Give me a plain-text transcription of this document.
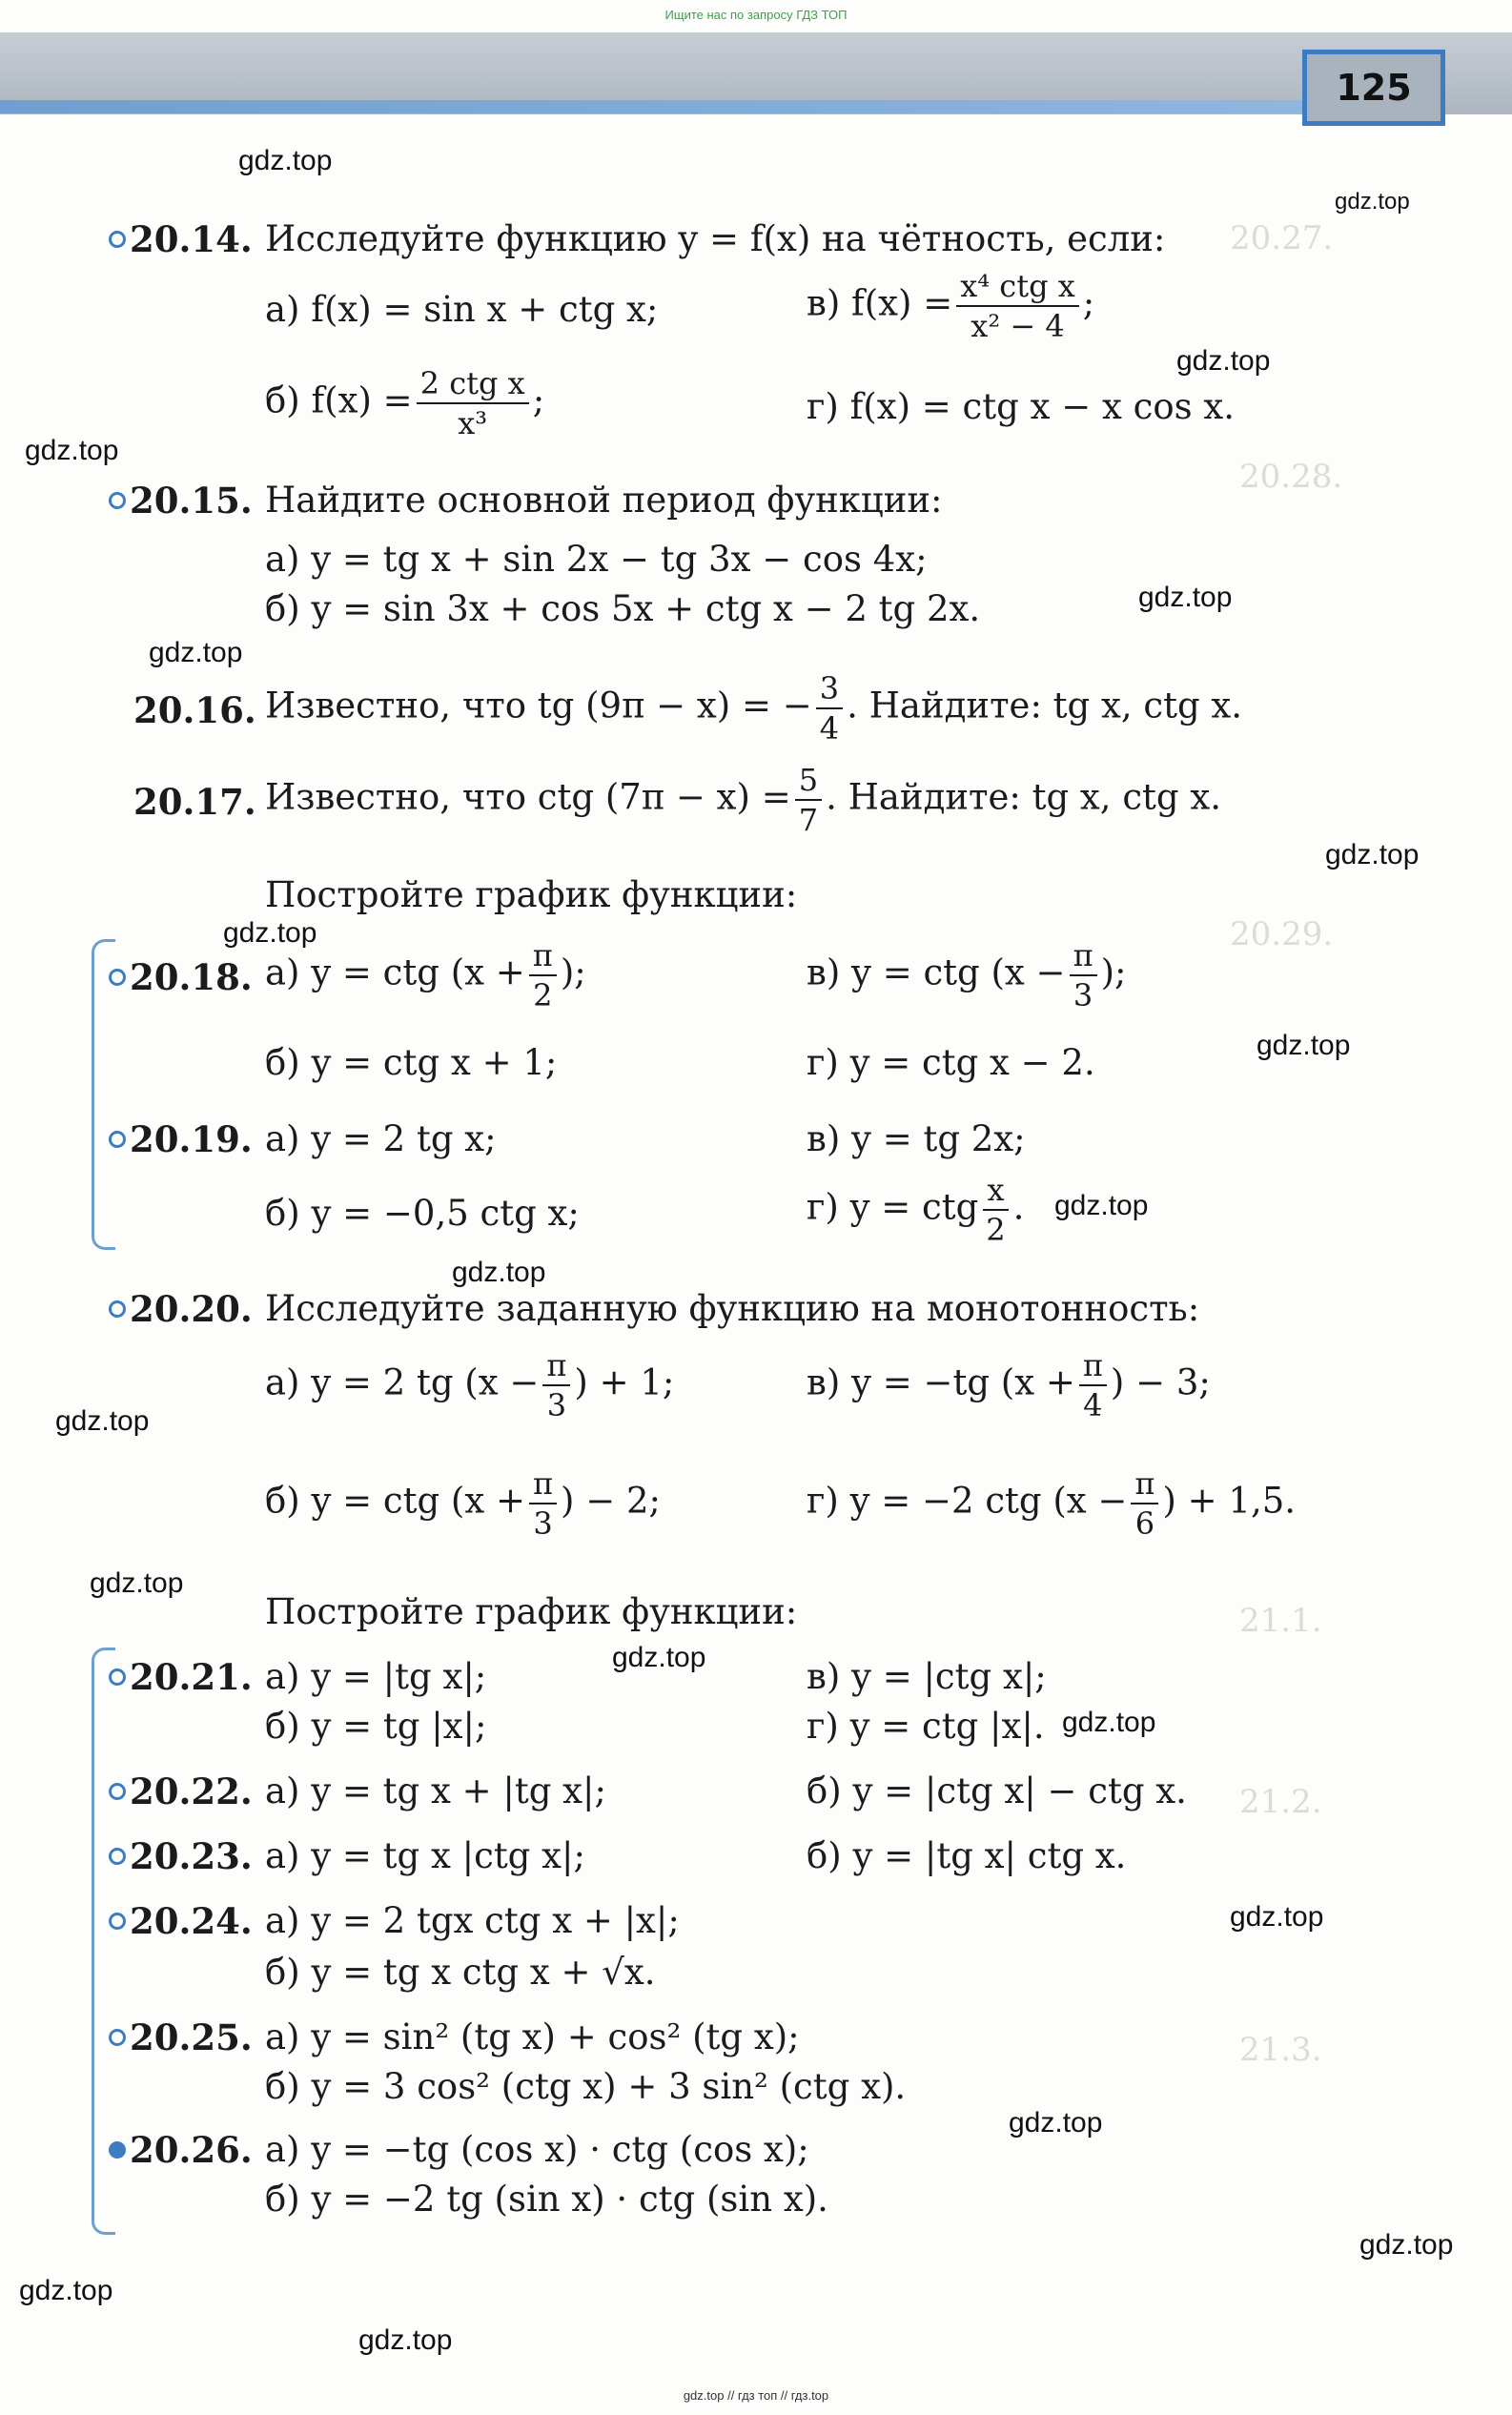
Ищите нас по запросу ГДЗ ТОП
125
20.27.
20.28.
20.29.
21.1.
21.2.
21.3.
gdz.top
gdz.top
gdz.top
gdz.top
gdz.top
gdz.top
gdz.top
gdz.top
gdz.top
gdz.top
gdz.top
gdz.top
gdz.top
gdz.top
gdz.top
gdz.top
gdz.top
gdz.top
gdz.top
gdz.top
20.14. Исследуйте функцию y = f(x) на чётность, если:
а) f(x) = sin x + ctg x;	в) $f(x) = \frac{\text{x⁴ ctg x}}{\text{x² − 4}}$ ;
б) $f(x) = \frac{\text{2 ctg x}}{\text{x³}}$ ;	г) f(x) = ctg x − x cos x.
20.15. Найдите основной период функции:
а) y = tg x + sin 2x − tg 3x − cos 4x;
б) y = sin 3x + cos 5x + ctg x − 2 tg 2x.
20.16. Известно, что tg (9π − x) = − $\frac{3}{4}$ . Найдите: tg x, ctg x.
20.17. Известно, что ctg $(7\pi - x) = \frac{5}{7}$ . Найдите: tg x, ctg x.
Постройте график функции:
20.18. а) y = ctg ($x + \frac{\pi}{2}$ );	в) y = ctg ($x - \frac{\pi}{3}$ );
б) y = ctg x + 1;	г) y = ctg x − 2.
20.19. а) y = 2 tg x;	в) y = tg 2x;
б) y = −0,5 ctg x;	г) y = ctg $\frac{x}{2}$ .
20.20. Исследуйте заданную функцию на монотонность:
а) y = 2 tg ($x - \frac{\pi}{3}$ ) + 1;	в) y = −tg ($x + \frac{\pi}{4}$ ) − 3;
б) y = ctg ($x + \frac{\pi}{3}$ ) − 2;	г) y = −2 ctg ($x - \frac{\pi}{6}$ ) + 1,5.
Постройте график функции:
20.21. а) y = |tg x|;	в) y = |ctg x|;
б) y = tg |x|;	г) y = ctg |x|.
20.22. а) y = tg x + |tg x|;	б) y = |ctg x| − ctg x.
20.23. а) y = tg x |ctg x|;	б) y = |tg x| ctg x.
20.24. а) y = 2 tgx ctg x + |x|;
б) y = tg x ctg x + √x.
20.25. а) y = sin² (tg x) + cos² (tg x);
б) y = 3 cos² (ctg x) + 3 sin² (ctg x).
20.26. а) y = −tg (cos x) · ctg (cos x);
б) y = −2 tg (sin x) · ctg (sin x).
gdz.top // гдз топ // гдз.top
